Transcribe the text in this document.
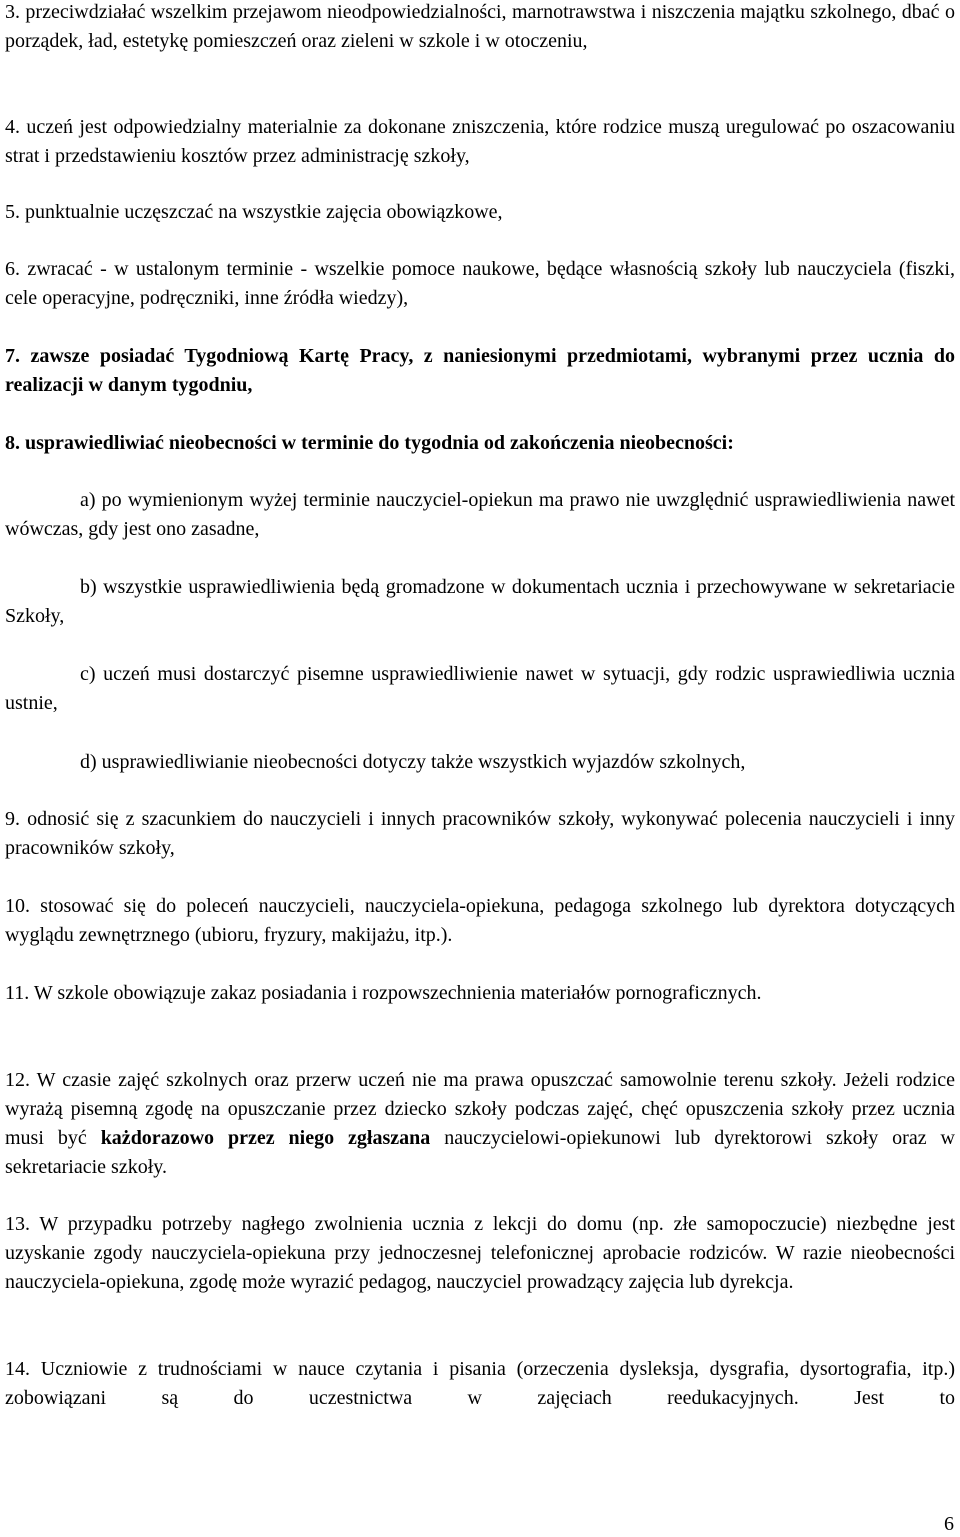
3. przeciwdziałać wszelkim przejawom nieodpowiedzialności, marnotrawstwa i niszczenia majątku szkolnego, dbać o porządek, ład, estetykę pomieszczeń oraz zieleni w szkole i w otoczeniu,

4. uczeń jest odpowiedzialny materialnie za dokonane zniszczenia, które rodzice muszą uregulować po oszacowaniu strat i przedstawieniu kosztów przez administrację szkoły,

5. punktualnie uczęszczać na wszystkie zajęcia obowiązkowe,

6. zwracać - w ustalonym terminie - wszelkie pomoce naukowe, będące własnością szkoły lub nauczyciela (fiszki, cele operacyjne, podręczniki, inne źródła wiedzy),

7. zawsze posiadać Tygodniową Kartę Pracy, z naniesionymi przedmiotami, wybranymi przez ucznia do realizacji w danym tygodniu,

8. usprawiedliwiać nieobecności w terminie do tygodnia od zakończenia nieobecności:

a) po wymienionym wyżej terminie nauczyciel-opiekun ma prawo nie uwzględnić usprawiedliwienia nawet wówczas, gdy jest ono zasadne,

b) wszystkie usprawiedliwienia będą gromadzone w dokumentach ucznia i przechowywane w sekretariacie Szkoły,

c) uczeń musi dostarczyć pisemne usprawiedliwienie nawet w sytuacji, gdy rodzic usprawiedliwia ucznia ustnie,

d) usprawiedliwianie nieobecności dotyczy także wszystkich wyjazdów szkolnych,

9. odnosić się z szacunkiem do nauczycieli i innych pracowników szkoły, wykonywać polecenia nauczycieli i inny pracowników szkoły,

10. stosować się do poleceń nauczycieli, nauczyciela-opiekuna, pedagoga szkolnego lub dyrektora dotyczących wyglądu zewnętrznego (ubioru, fryzury, makijażu, itp.).

11. W szkole obowiązuje zakaz posiadania i rozpowszechnienia materiałów pornograficznych.

12. W czasie zajęć szkolnych oraz przerw uczeń nie ma prawa opuszczać samowolnie terenu szkoły. Jeżeli rodzice wyrażą pisemną zgodę na opuszczanie przez dziecko szkoły podczas zajęć, chęć opuszczenia szkoły przez ucznia musi być każdorazowo przez niego zgłaszana nauczycielowi-opiekunowi lub dyrektorowi szkoły oraz w sekretariacie szkoły.

13. W przypadku potrzeby nagłego zwolnienia ucznia z lekcji do domu (np. złe samopoczucie) niezbędne jest uzyskanie zgody nauczyciela-opiekuna przy jednoczesnej telefonicznej aprobacie rodziców. W razie nieobecności nauczyciela-opiekuna, zgodę może wyrazić pedagog, nauczyciel prowadzący zajęcia lub dyrekcja.

14. Uczniowie z trudnościami w nauce czytania i pisania (orzeczenia dysleksja, dysgrafia, dysortografia, itp.) zobowiązani są do uczestnictwa w zajęciach reedukacyjnych. Jest to

6
